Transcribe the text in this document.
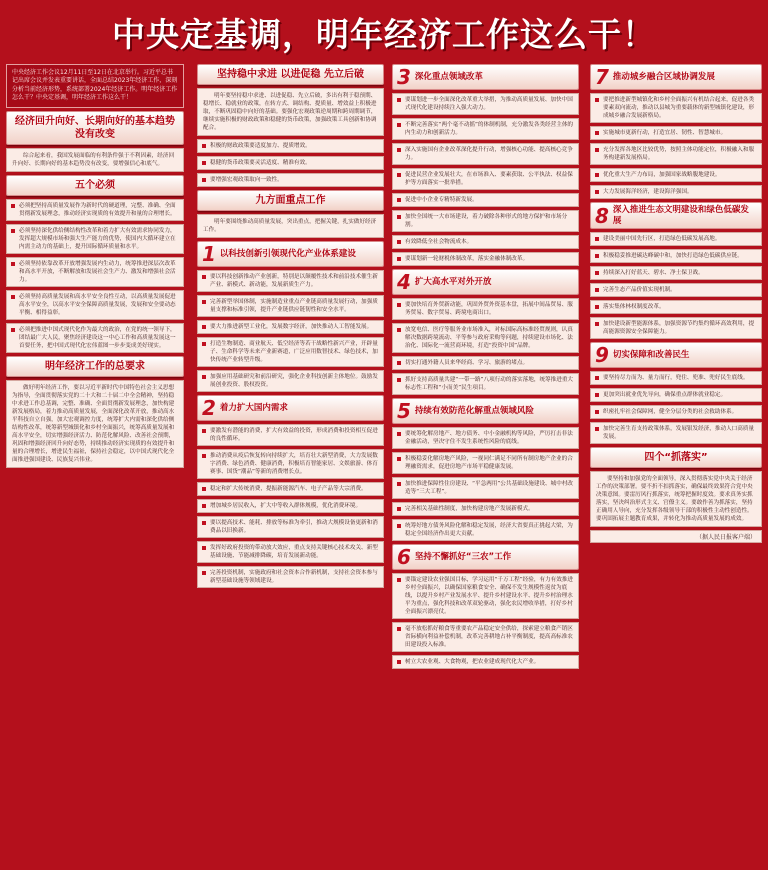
中央定基调，明年经济工作这么干！
中央经济工作会议12月11日至12日在北京举行。习近平总书记出席会议并发表重要讲话，全面总结2023年经济工作，深刻分析当前经济形势，系统部署2024年经济工作。明年经济工作怎么干？中央定基调，明年经济工作这么干！
经济回升向好、长期向好的基本趋势没有改变
综合起来看，我国发展面临的有利条件强于不利因素，经济回升向好、长期向好的基本趋势没有改变，要增强信心和底气。
五个必须
必须把坚持高质量发展作为新时代的硬道理，完整、准确、全面贯彻新发展理念，推动经济实现质的有效提升和量的合理增长。
必须坚持深化供给侧结构性改革和着力扩大有效需求协同发力，发挥超大规模市场和强大生产能力的优势，使国内大循环建立在内需主动力的基础上，提升国际循环质量和水平。
必须坚持依靠改革开放增强发展内生动力，统筹推进深层次改革和高水平开放，不断解放和发展社会生产力、激发和增强社会活力。
必须坚持高质量发展和高水平安全良性互动，以高质量发展促进高水平安全，以高水平安全保障高质量发展，发展和安全要动态平衡、相得益彰。
必须把推进中国式现代化作为最大的政治，在党的统一领导下，团结最广大人民，聚焦经济建设这一中心工作和高质量发展这一首要任务，把中国式现代化宏伟蓝图一步步变成美好现实。
明年经济工作的总要求
做好明年经济工作，要以习近平新时代中国特色社会主义思想为指导，全面贯彻落实党的二十大和二十届二中全会精神，坚持稳中求进工作总基调，完整、准确、全面贯彻新发展理念，加快构建新发展格局，着力推动高质量发展，全面深化改革开放，推动高水平科技自立自强，加大宏观调控力度，统筹扩大内需和深化供给侧结构性改革，统筹新型城镇化和乡村全面振兴，统筹高质量发展和高水平安全，切实增强经济活力、防范化解风险、改善社会预期，巩固和增强经济回升向好态势，持续推动经济实现质的有效提升和量的合理增长，增进民生福祉，保持社会稳定，以中国式现代化全面推进强国建设、民族复兴伟业。
坚持稳中求进 以进促稳 先立后破
明年要坚持稳中求进、以进促稳、先立后破，多出有利于稳预期、稳增长、稳就业的政策，在转方式、调结构、提质量、增效益上积极进取，不断巩固稳中向好的基础。要强化宏观政策逆周期和跨周期调节，继续实施积极的财政政策和稳健的货币政策，加强政策工具创新和协调配合。
积极的财政政策要适度加力、提质增效。
稳健的货币政策要灵活适度、精准有效。
要增强宏观政策取向一致性。
九方面重点工作
明年要围绕推动高质量发展，突出重点，把握关键，扎实做好经济工作。
1 以科技创新引领现代化产业体系建设
要以科技创新推动产业创新，特别是以颠覆性技术和前沿技术催生新产业、新模式、新动能，发展新质生产力。
完善新型举国体制，实施制造业重点产业链高质量发展行动，加强质量支撑和标准引领，提升产业链供应链韧性和安全水平。
要大力推进新型工业化，发展数字经济，加快推动人工智能发展。
打造生物制造、商业航天、低空经济等若干战略性新兴产业，开辟量子、生命科学等未来产业新赛道，广泛应用数智技术、绿色技术，加快传统产业转型升级。
加强应用基础研究和前沿研究，强化企业科技创新主体地位。鼓励发展创业投资、股权投资。
2 着力扩大国内需求
要激发有潜能的消费，扩大有效益的投资，形成消费和投资相互促进的良性循环。
推动消费从疫后恢复转向持续扩大，培育壮大新型消费，大力发展数字消费、绿色消费、健康消费，积极培育智能家居、文娱旅游、体育赛事、国货“潮品”等新的消费增长点。
稳定和扩大传统消费，提振新能源汽车、电子产品等大宗消费。
增加城乡居民收入，扩大中等收入群体规模，优化消费环境。
要以提高技术、能耗、排放等标准为牵引，推动大规模设备更新和消费品以旧换新。
发挥好政府投资的带动放大效应，重点支持关键核心技术攻关、新型基础设施、节能减排降碳，培育发展新动能。
完善投资机制，实施政府和社会资本合作新机制，支持社会资本参与新型基础设施等领域建设。
3 深化重点领域改革
要谋划进一步全面深化改革重大举措，为推动高质量发展、加快中国式现代化建设持续注入强大动力。
不断完善落实“两个毫不动摇”的体制机制，充分激发各类经营主体的内生动力和创新活力。
深入实施国有企业改革深化提升行动，增强核心功能、提高核心竞争力。
促进民营企业发展壮大，在市场准入、要素获取、公平执法、权益保护等方面落实一批举措。
促进中小企业专精特新发展。
加快全国统一大市场建设，着力破除各种形式的地方保护和市场分割。
有效降低全社会物流成本。
要谋划新一轮财税体制改革，落实金融体制改革。
4 扩大高水平对外开放
要加快培育外贸新动能，巩固外贸外资基本盘，拓展中间品贸易、服务贸易、数字贸易、跨境电商出口。
放宽电信、医疗等服务业市场准入，对标国际高标准经贸规则，认真解决数据跨境流动、平等参与政府采购等问题，持续建设市场化、法治化、国际化一流营商环境，打造“投资中国”品牌。
切实打通外籍人员来华经商、学习、旅游的堵点。
抓好支持高质量共建“一带一路”八项行动的落实落地，统筹推进重大标志性工程和“小而美”民生项目。
5 持续有效防范化解重点领域风险
要统筹化解房地产、地方债务、中小金融机构等风险，严厉打击非法金融活动，坚决守住不发生系统性风险的底线。
积极稳妥化解房地产风险，一视同仁满足不同所有制房地产企业的合理融资需求，促进房地产市场平稳健康发展。
加快推进保障性住房建设、“平急两用”公共基础设施建设、城中村改造等“三大工程”。
完善相关基础性制度，加快构建房地产发展新模式。
统筹好地方债务风险化解和稳定发展，经济大省要真正挑起大梁，为稳定全国经济作出更大贡献。
6 坚持不懈抓好“三农”工作
要锚定建设农业强国目标，学习运用“千万工程”经验，有力有效推进乡村全面振兴，以确保国家粮食安全、确保不发生规模性返贫为底线，以提升乡村产业发展水平、提升乡村建设水平、提升乡村治理水平为重点，强化科技和改革双轮驱动，强化农民增收举措，打好乡村全面振兴漂亮仗。
毫不放松抓好粮食等重要农产品稳定安全供给，探索建立粮食产销区省际横向利益补偿机制，改革完善耕地占补平衡制度，提高高标准农田建设投入标准。
树立大农业观、大食物观，把农业建成现代化大产业。
7 推动城乡融合区域协调发展
要把推进新型城镇化和乡村全面振兴有机结合起来，促进各类要素双向流动，推动以县城为重要载体的新型城镇化建设，形成城乡融合发展新格局。
实施城市更新行动，打造宜居、韧性、智慧城市。
充分发挥各地区比较优势，按照主体功能定位，积极融入和服务构建新发展格局。
优化重大生产力布局，加强国家战略腹地建设。
大力发展海洋经济，建设海洋强国。
8 深入推进生态文明建设和绿色低碳发展
建设美丽中国先行区，打造绿色低碳发展高地。
积极稳妥推进碳达峰碳中和，加快打造绿色低碳供应链。
持续深入打好蓝天、碧水、净土保卫战。
完善生态产品价值实现机制。
落实集体林权制度改革。
加快建设新型能源体系，加强资源节约集约循环高效利用，提高能源资源安全保障能力。
9 切实保障和改善民生
要坚持尽力而为、量力而行，兜住、兜准、兜好民生底线。
更加突出就业优先导向，确保重点群体就业稳定。
织密扎牢社会保障网，健全分层分类的社会救助体系。
加快完善生育支持政策体系，发展银发经济，推动人口高质量发展。
四个“抓落实”
要坚持和加强党的全面领导，深入贯彻落实党中央关于经济工作的决策部署。要不折不扣抓落实，确保最终效果符合党中央决策意图。要雷厉风行抓落实，统筹把握时度效。要求真务实抓落实，坚决纠治形式主义、官僚主义。要敢作善为抓落实，坚持正确用人导向，充分发挥各级领导干部的积极性主动性创造性。要巩固拓展主题教育成果，并转化为推动高质量发展的成效。
（据人民日报客户端）
